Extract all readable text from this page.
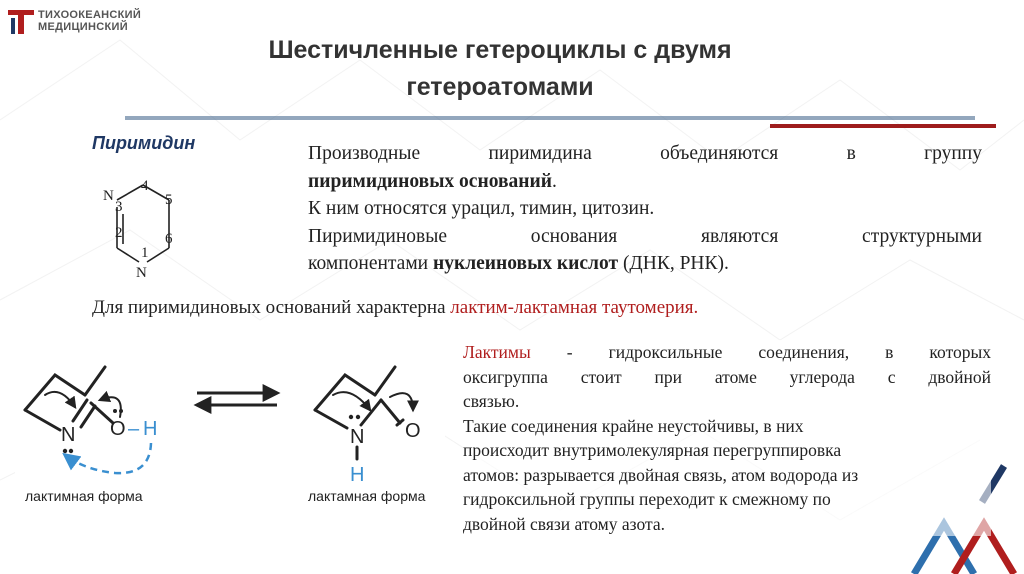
ТИХООКЕАНСКИЙ
МЕДИЦИНСКИЙ
Шестичленные гетероциклы с двумя
гетероатомами
Пиримидин
N
N
1
2
3
4
5
6

Производные пиримидина объединяются в группу

пиримидиновых оснований.

К ним относятся урацил, тимин, цитозин.

Пиримидиновые основания являются структурными

компонентами нуклеиновых кислот (ДНК, РНК).

Для пиримидиновых оснований характерна лактим-лактамная таутомерия.
N O – H
лактимная форма
N O
H
лактамная форма

Лактимы - гидроксильные соединения, в которых

оксигруппа стоит при атоме углерода с двойной

связью.

Такие соединения крайне неустойчивы, в них

происходит внутримолекулярная перегруппировка

атомов: разрывается двойная связь, атом водорода из

гидроксильной группы переходит к смежному по

двойной связи атому азота.
